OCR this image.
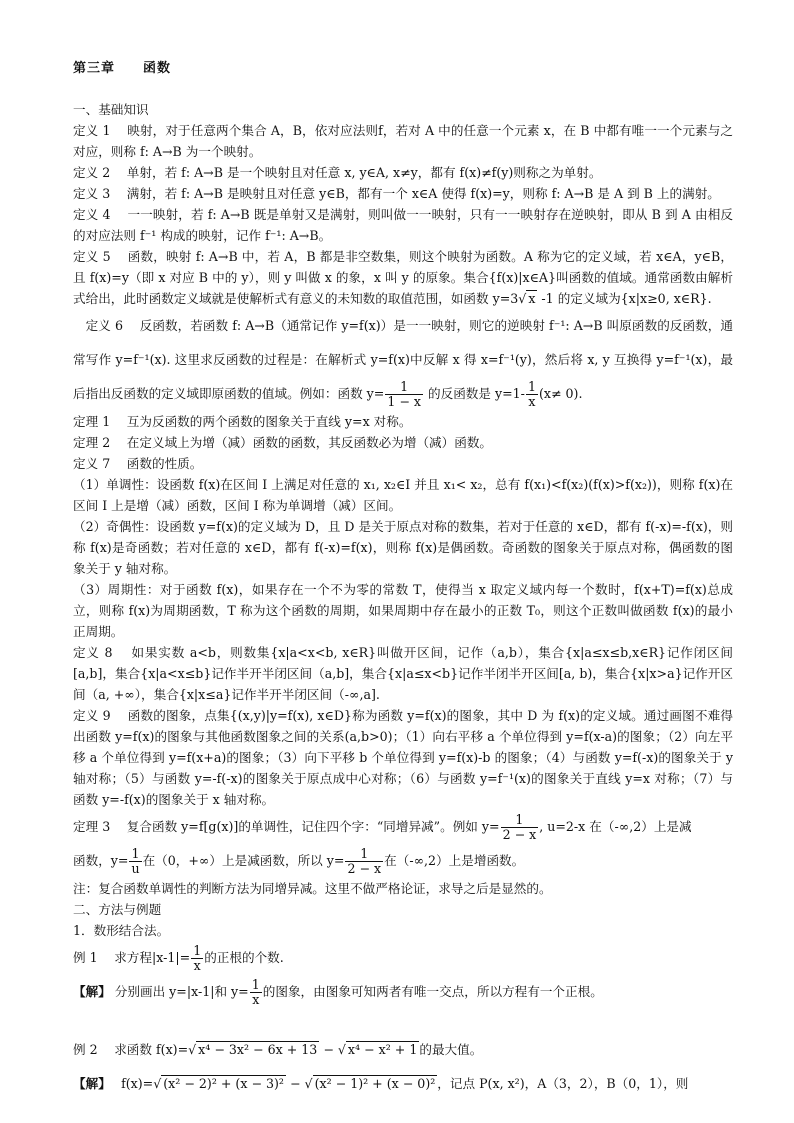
第三章　　函数

一、基础知识

定义 1　 映射，对于任意两个集合 A，B，依对应法则f，若对 A 中的任意一个元素 x，在 B 中都有唯一一个元素与之对应，则称 f: A→B 为一个映射。

定义 2　 单射，若 f: A→B 是一个映射且对任意 x, y∈A, x≠y，都有 f(x)≠f(y)则称之为单射。

定义 3　 满射，若 f: A→B 是映射且对任意 y∈B，都有一个 x∈A 使得 f(x)=y，则称 f: A→B 是 A 到 B 上的满射。

定义 4　 一一映射，若 f: A→B 既是单射又是满射，则叫做一一映射，只有一一映射存在逆映射，即从 B 到 A 由相反的对应法则 f⁻¹ 构成的映射，记作 f⁻¹: A→B。

定义 5　 函数，映射 f: A→B 中，若 A，B 都是非空数集，则这个映射为函数。A 称为它的定义域，若 x∈A，y∈B，且 f(x)=y（即 x 对应 B 中的 y），则 y 叫做 x 的象，x 叫 y 的原象。集合{f(x)|x∈A}叫函数的值域。通常函数由解析式给出，此时函数定义域就是使解析式有意义的未知数的取值范围，如函数 y=3√ x -1 的定义域为{x|x≥0, x∈R}.

　定义 6　 反函数，若函数 f: A→B（通常记作 y=f(x)）是一一映射，则它的逆映射 f⁻¹: A→B 叫原函数的反函数，通常写作 y=f⁻¹(x). 这里求反函数的过程是：在解析式 y=f(x)中反解 x 得 x=f⁻¹(y)，然后将 x, y 互换得 y=f⁻¹(x)，最后指出反函数的定义域即原函数的值域。例如：函数 $y= \frac{1}{1 - x}$ 的反函数是 $y=1- \frac{1}{x} (x\ne 0)$.

定理 1　 互为反函数的两个函数的图象关于直线 y=x 对称。

定理 2　 在定义域上为增（减）函数的函数，其反函数必为增（减）函数。

定义 7　 函数的性质。

（1）单调性：设函数 f(x)在区间 I 上满足对任意的 x₁, x₂∈I 并且 x₁< x₂，总有 f(x₁)<f(x₂)(f(x)>f(x₂))，则称 f(x)在区间 I 上是增（减）函数，区间 I 称为单调增（减）区间。

（2）奇偶性：设函数 y=f(x)的定义域为 D，且 D 是关于原点对称的数集，若对于任意的 x∈D，都有 f(-x)=-f(x)，则称 f(x)是奇函数；若对任意的 x∈D，都有 f(-x)=f(x)，则称 f(x)是偶函数。奇函数的图象关于原点对称，偶函数的图象关于 y 轴对称。

（3）周期性：对于函数 f(x)，如果存在一个不为零的常数 T，使得当 x 取定义域内每一个数时，f(x+T)=f(x)总成立，则称 f(x)为周期函数，T 称为这个函数的周期，如果周期中存在最小的正数 T₀，则这个正数叫做函数 f(x)的最小正周期。

定义 8　 如果实数 a<b，则数集{x|a<x<b, x∈R}叫做开区间，记作（a,b），集合{x|a≤x≤b,x∈R}记作闭区间[a,b]，集合{x|a<x≤b}记作半开半闭区间（a,b]，集合{x|a≤x<b}记作半闭半开区间[a, b)，集合{x|x>a}记作开区间（a, +∞），集合{x|x≤a}记作半开半闭区间（-∞,a].

定义 9　 函数的图象，点集{(x,y)|y=f(x), x∈D}称为函数 y=f(x)的图象，其中 D 为 f(x)的定义域。通过画图不难得出函数 y=f(x)的图象与其他函数图象之间的关系(a,b>0)；（1）向右平移 a 个单位得到 y=f(x-a)的图象；（2）向左平移 a 个单位得到 y=f(x+a)的图象；（3）向下平移 b 个单位得到 y=f(x)-b 的图象；（4）与函数 y=f(-x)的图象关于 y 轴对称；（5）与函数 y=-f(-x)的图象关于原点成中心对称；（6）与函数 y=f⁻¹(x)的图象关于直线 y=x 对称；（7）与函数 y=-f(x)的图象关于 x 轴对称。

定理 3　 复合函数 y=f[g(x)]的单调性，记住四个字：“同增异减”。例如 $y= \frac{1}{2 - x}$ , u=2-x 在（-∞,2）上是减

函数，$y= \frac{1}{u}$ 在（0，+∞）上是减函数，所以 $y= \frac{1}{2 - x}$ 在（-∞,2）上是增函数。

注：复合函数单调性的判断方法为同增异减。这里不做严格论证，求导之后是显然的。

二、方法与例题

1．数形结合法。

例 1　 求方程$|x-1|= \frac{1}{x}$ 的正根的个数.

【解】 分别画出 y=|x-1|和 $y= \frac{1}{x}$ 的图象，由图象可知两者有唯一交点，所以方程有一个正根。

例 2　 求函数 f(x)=√ x⁴ − 3x² − 6x + 13 − √ x⁴ − x² + 1 的最大值。

【解】　 f(x)=√ (x² − 2)² + (x − 3)² − √ (x² − 1)² + (x − 0)² ，记点 P(x, x²)，A（3，2），B（0，1），则
